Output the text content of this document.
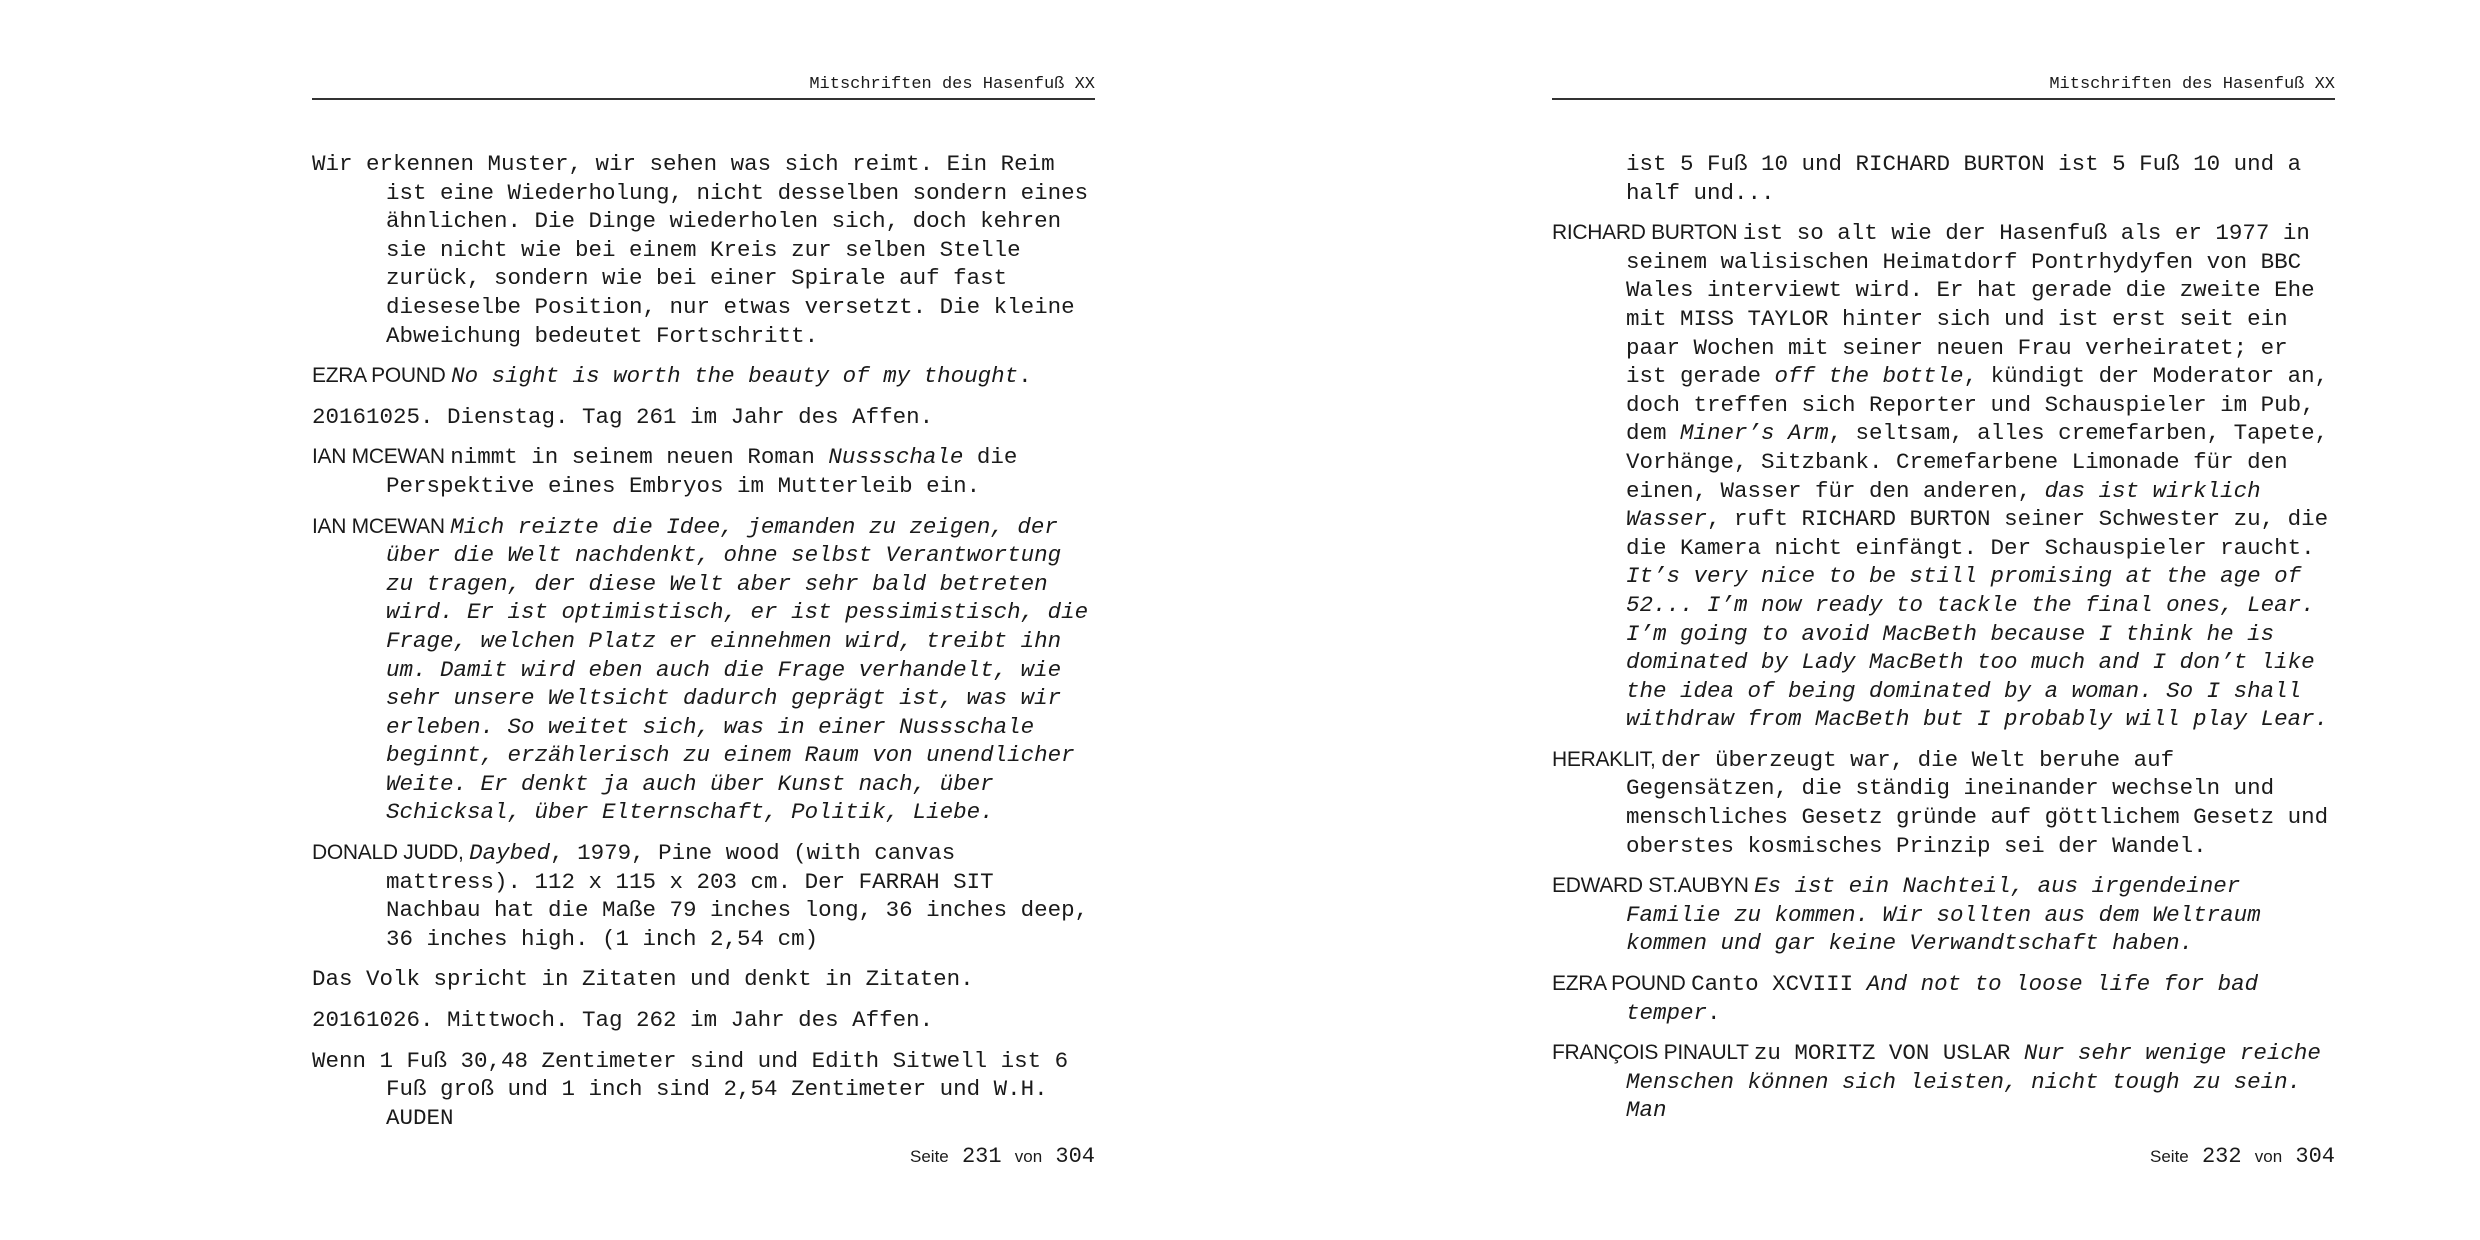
Mitschriften des Hasenfuß XX

Wir erkennen Muster, wir sehen was sich reimt. Ein Reim ist eine Wiederholung, nicht desselben sondern eines ähnlichen. Die Dinge wiederholen sich, doch kehren sie nicht wie bei einem Kreis zur selben Stelle zurück, sondern wie bei einer Spirale auf fast dieseselbe Position, nur etwas versetzt. Die kleine Abweichung bedeutet Fortschritt.

EZRA POUND No sight is worth the beauty of my thought.

20161025. Dienstag. Tag 261 im Jahr des Affen.

IAN MCEWAN nimmt in seinem neuen Roman Nussschale die Perspektive eines Embryos im Mutterleib ein.

IAN MCEWAN Mich reizte die Idee, jemanden zu zeigen, der über die Welt nachdenkt, ohne selbst Verantwortung zu tragen, der diese Welt aber sehr bald betreten wird. Er ist optimistisch, er ist pessimistisch, die Frage, welchen Platz er einnehmen wird, treibt ihn um. Damit wird eben auch die Frage verhandelt, wie sehr unsere Weltsicht dadurch geprägt ist, was wir erleben. So weitet sich, was in einer Nussschale beginnt, erzählerisch zu einem Raum von unendlicher Weite. Er denkt ja auch über Kunst nach, über Schicksal, über Elternschaft, Politik, Liebe.

DONALD JUDD, Daybed, 1979, Pine wood (with canvas mattress). 112 x 115 x 203 cm. Der FARRAH SIT Nachbau hat die Maße 79 inches long, 36 inches deep, 36 inches high. (1 inch 2,54 cm)

Das Volk spricht in Zitaten und denkt in Zitaten.

20161026. Mittwoch. Tag 262 im Jahr des Affen.

Wenn 1 Fuß 30,48 Zentimeter sind und Edith Sitwell ist 6 Fuß groß und 1 inch sind 2,54 Zentimeter und W.H. AUDEN

Seite 231 von 304
Mitschriften des Hasenfuß XX

ist 5 Fuß 10 und RICHARD BURTON ist 5 Fuß 10 und a half und...

RICHARD BURTON ist so alt wie der Hasenfuß als er 1977 in seinem walisischen Heimatdorf Pontrhydyfen von BBC Wales interviewt wird. Er hat gerade die zweite Ehe mit MISS TAYLOR hinter sich und ist erst seit ein paar Wochen mit seiner neuen Frau verheiratet; er ist gerade off the bottle, kündigt der Moderator an, doch treffen sich Reporter und Schauspieler im Pub, dem Miner’s Arm, seltsam, alles cremefarben, Tapete, Vorhänge, Sitzbank. Cremefarbene Limonade für den einen, Wasser für den anderen, das ist wirklich Wasser, ruft RICHARD BURTON seiner Schwester zu, die die Kamera nicht einfängt. Der Schauspieler raucht. It’s very nice to be still promising at the age of 52... I’m now ready to tackle the final ones, Lear. I’m going to avoid MacBeth because I think he is dominated by Lady MacBeth too much and I don’t like the idea of being dominated by a woman. So I shall withdraw from MacBeth but I probably will play Lear.

HERAKLIT, der überzeugt war, die Welt beruhe auf Gegensätzen, die ständig ineinander wechseln und menschliches Gesetz gründe auf göttlichem Gesetz und oberstes kosmisches Prinzip sei der Wandel.

EDWARD ST.AUBYN Es ist ein Nachteil, aus irgendeiner Familie zu kommen. Wir sollten aus dem Weltraum kommen und gar keine Verwandtschaft haben.

EZRA POUND Canto XCVIII And not to loose life for bad temper.

FRANÇOIS PINAULT zu MORITZ VON USLAR Nur sehr wenige reiche Menschen können sich leisten, nicht tough zu sein. Man

Seite 232 von 304
